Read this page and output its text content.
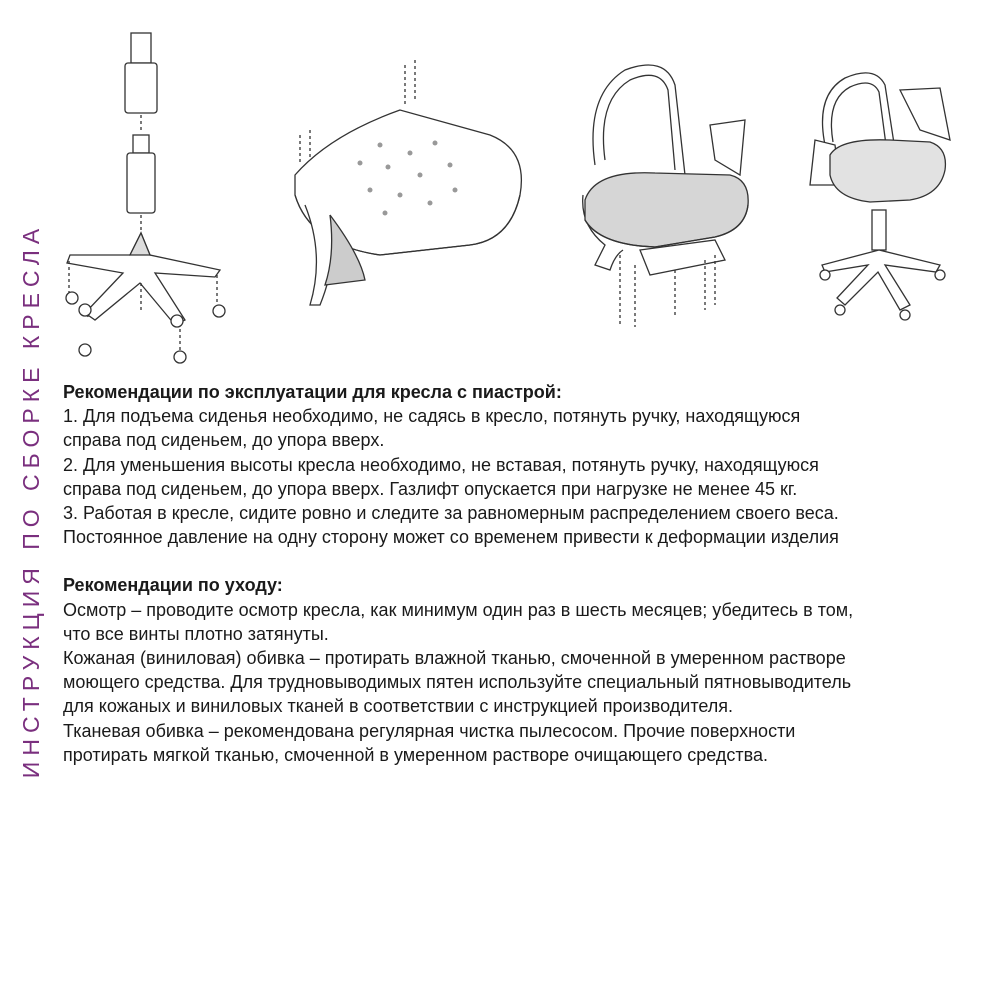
ИНСТРУКЦИЯ ПО СБОРКЕ КРЕСЛА Рекомендации по эксплуатации для кресла с пиастрой:

1. Для подъема сиденья необходимо, не садясь в кресло, потянуть ручку, находящуюся

справа под сиденьем, до упора вверх.

2. Для уменьшения высоты кресла необходимо, не вставая, потянуть ручку, находящуюся

справа под сиденьем, до упора вверх. Газлифт опускается при нагрузке не менее 45 кг.

3. Работая в кресле, сидите ровно и следите за равномерным распределением своего веса.

Постоянное давление на одну сторону может со временем привести к деформации изделия

Рекомендации по уходу:

Осмотр – проводите осмотр кресла, как минимум один раз в шесть месяцев; убедитесь в том,

что все винты плотно затянуты.

Кожаная (виниловая) обивка – протирать влажной тканью, смоченной в умеренном растворе

моющего средства. Для трудновыводимых пятен используйте специальный пятновыводитель

для кожаных и виниловых тканей в соответствии с инструкцией производителя.

Тканевая обивка – рекомендована регулярная чистка пылесосом. Прочие поверхности

протирать мягкой тканью, смоченной в умеренном растворе очищающего средства.
